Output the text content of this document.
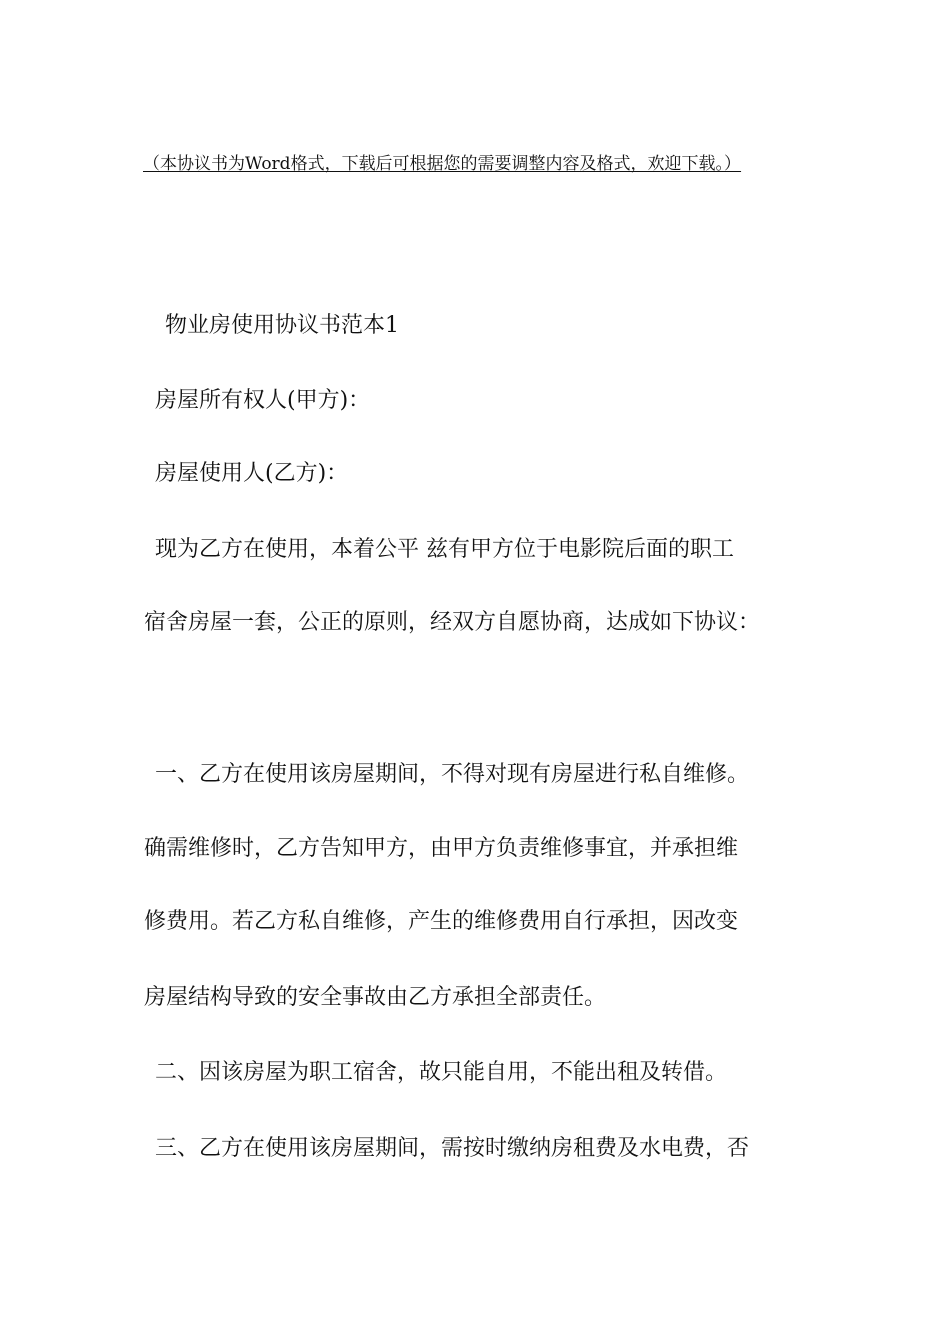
（本协议书为Word格式，下载后可根据您的需要调整内容及格式，欢迎下载。）
物业房使用协议书范本1
房屋所有权人(甲方)：
房屋使用人(乙方)：
现为乙方在使用，本着公平 兹有甲方位于电影院后面的职工
宿舍房屋一套，公正的原则，经双方自愿协商，达成如下协议：
一、乙方在使用该房屋期间，不得对现有房屋进行私自维修。
确需维修时，乙方告知甲方，由甲方负责维修事宜，并承担维
修费用。若乙方私自维修，产生的维修费用自行承担，因改变
房屋结构导致的安全事故由乙方承担全部责任。
二、因该房屋为职工宿舍，故只能自用，不能出租及转借。
三、乙方在使用该房屋期间，需按时缴纳房租费及水电费，否
